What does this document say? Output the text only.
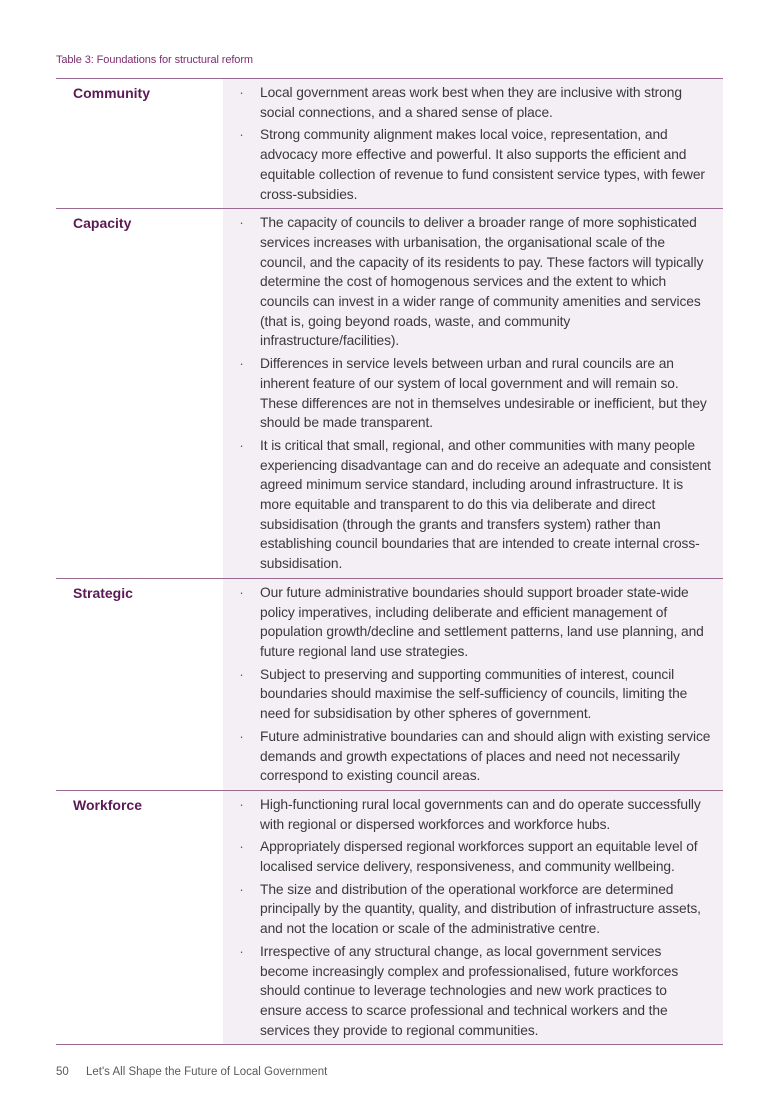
Table 3: Foundations for structural reform
Community	·	Local government areas work best when they are inclusive with strong social connections, and a shared sense of place.
·	Strong community alignment makes local voice, representation, and advocacy more effective and powerful. It also supports the efficient and equitable collection of revenue to fund consistent service types, with fewer cross-subsidies.
Capacity	·	The capacity of councils to deliver a broader range of more sophisticated services increases with urbanisation, the organisational scale of the council, and the capacity of its residents to pay. These factors will typically determine the cost of homogenous services and the extent to which councils can invest in a wider range of community amenities and services (that is, going beyond roads, waste, and community infrastructure/facilities).
·	Differences in service levels between urban and rural councils are an inherent feature of our system of local government and will remain so. These differences are not in themselves undesirable or inefficient, but they should be made transparent.
·	It is critical that small, regional, and other communities with many people experiencing disadvantage can and do receive an adequate and consistent agreed minimum service standard, including around infrastructure. It is more equitable and transparent to do this via deliberate and direct subsidisation (through the grants and transfers system) rather than establishing council boundaries that are intended to create internal cross-subsidisation.
Strategic	·	Our future administrative boundaries should support broader state-wide policy imperatives, including deliberate and efficient management of population growth/decline and settlement patterns, land use planning, and future regional land use strategies.
·	Subject to preserving and supporting communities of interest, council boundaries should maximise the self-sufficiency of councils, limiting the need for subsidisation by other spheres of government.
·	Future administrative boundaries can and should align with existing service demands and growth expectations of places and need not necessarily correspond to existing council areas.
Workforce	·	High-functioning rural local governments can and do operate successfully with regional or dispersed workforces and workforce hubs.
·	Appropriately dispersed regional workforces support an equitable level of localised service delivery, responsiveness, and community wellbeing.
·	The size and distribution of the operational workforce are determined principally by the quantity, quality, and distribution of infrastructure assets, and not the location or scale of the administrative centre.
·	Irrespective of any structural change, as local government services become increasingly complex and professionalised, future workforces should continue to leverage technologies and new work practices to ensure access to scarce professional and technical workers and the services they provide to regional communities.
50 Let's All Shape the Future of Local Government
